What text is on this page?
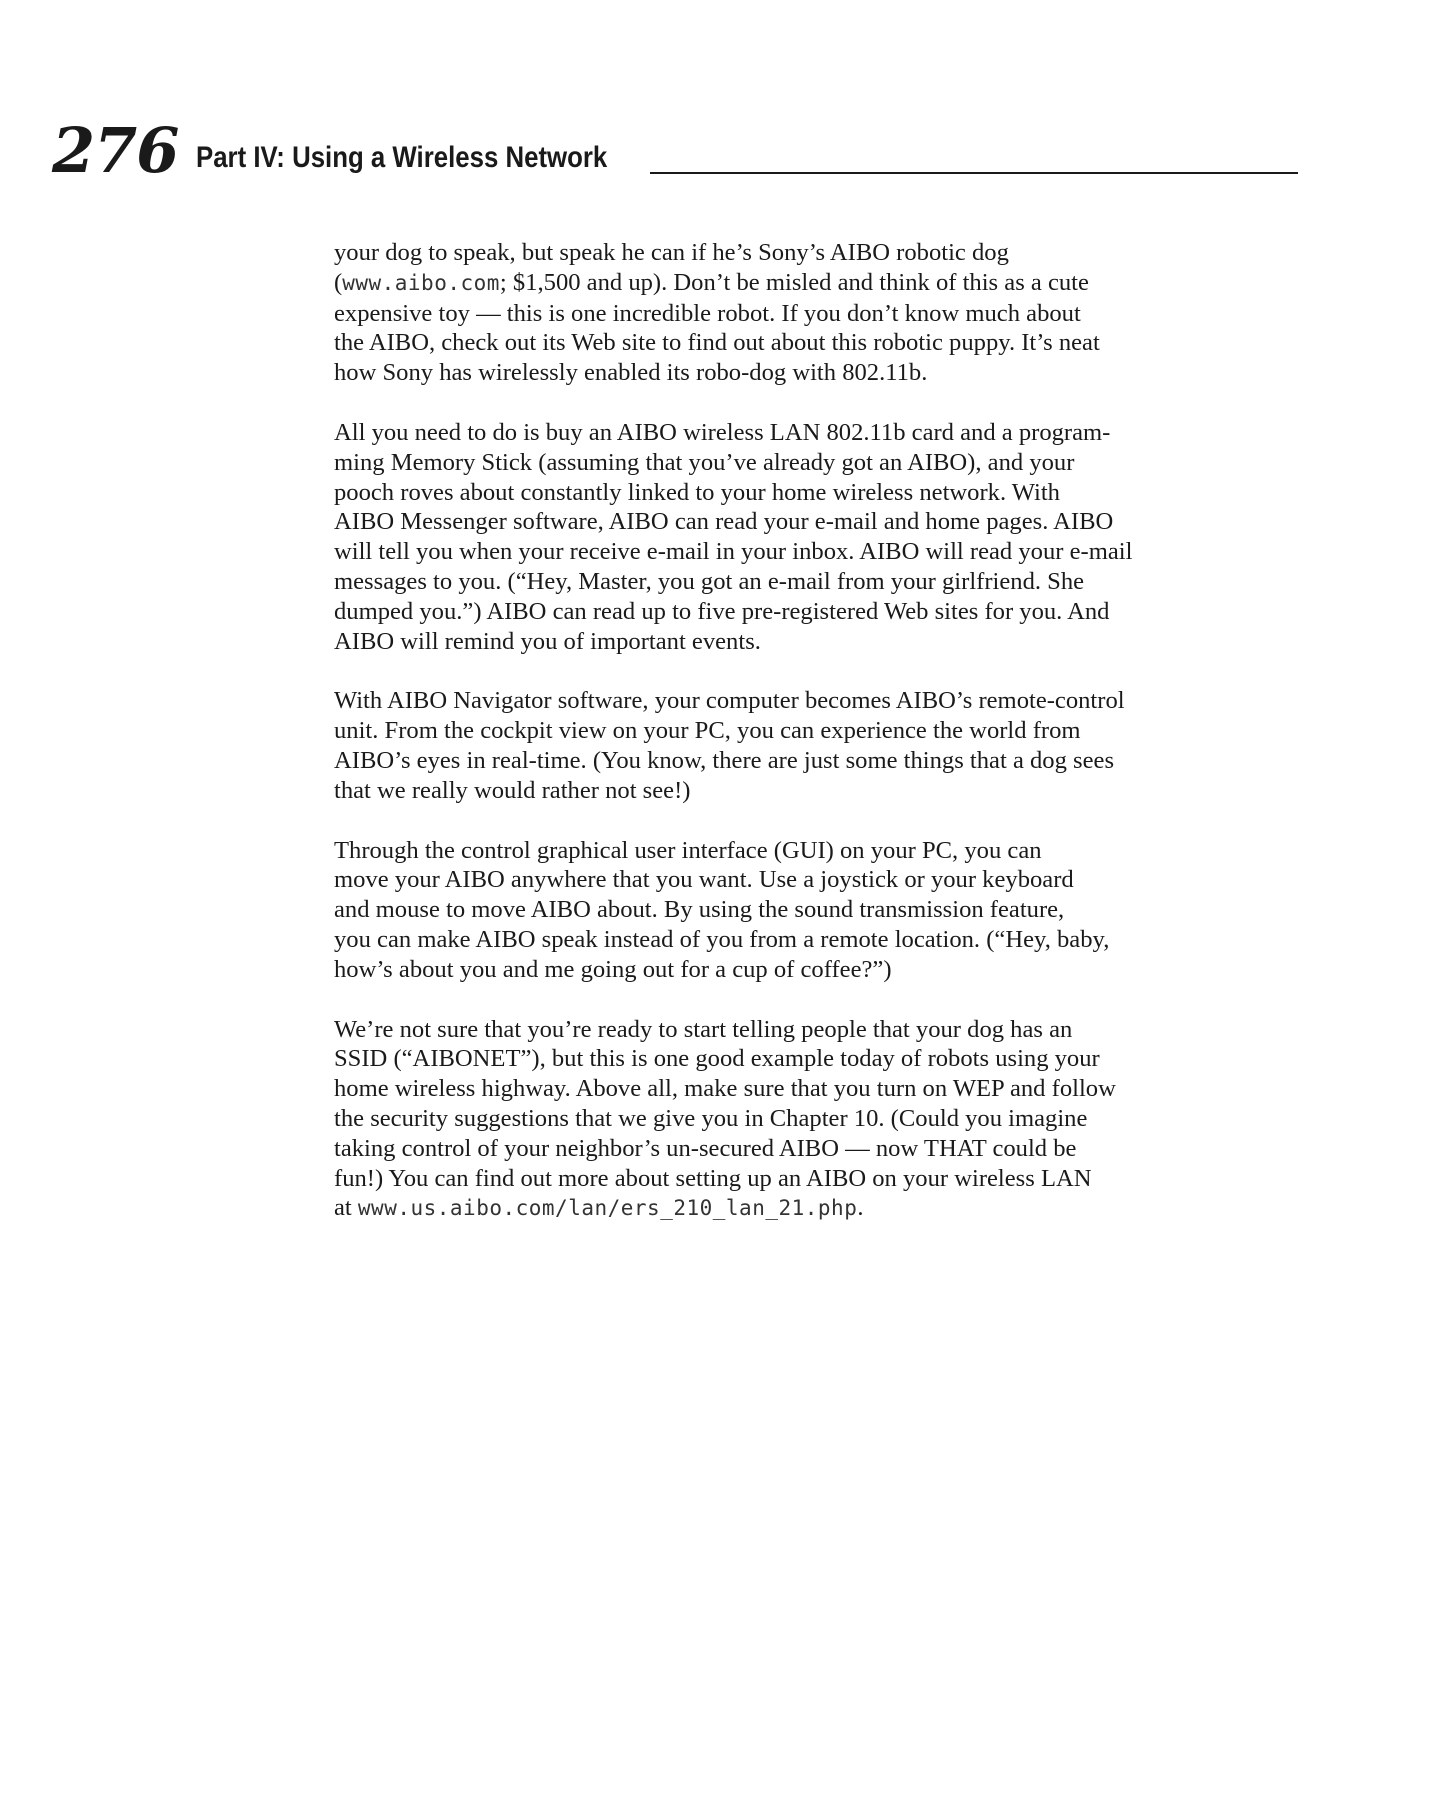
276 Part IV: Using a Wireless Network

your dog to speak, but speak he can if he’s Sony’s AIBO robotic dog
(www.aibo.com; $1,500 and up). Don’t be misled and think of this as a cute
expensive toy — this is one incredible robot. If you don’t know much about
the AIBO, check out its Web site to find out about this robotic puppy. It’s neat
how Sony has wirelessly enabled its robo-dog with 802.11b.

All you need to do is buy an AIBO wireless LAN 802.11b card and a program-
ming Memory Stick (assuming that you’ve already got an AIBO), and your
pooch roves about constantly linked to your home wireless network. With
AIBO Messenger software, AIBO can read your e-mail and home pages. AIBO
will tell you when your receive e-mail in your inbox. AIBO will read your e-mail
messages to you. (“Hey, Master, you got an e-mail from your girlfriend. She
dumped you.”) AIBO can read up to five pre-registered Web sites for you. And
AIBO will remind you of important events.

With AIBO Navigator software, your computer becomes AIBO’s remote-control
unit. From the cockpit view on your PC, you can experience the world from
AIBO’s eyes in real-time. (You know, there are just some things that a dog sees
that we really would rather not see!)

Through the control graphical user interface (GUI) on your PC, you can
move your AIBO anywhere that you want. Use a joystick or your keyboard
and mouse to move AIBO about. By using the sound transmission feature,
you can make AIBO speak instead of you from a remote location. (“Hey, baby,
how’s about you and me going out for a cup of coffee?”)

We’re not sure that you’re ready to start telling people that your dog has an
SSID (“AIBONET”), but this is one good example today of robots using your
home wireless highway. Above all, make sure that you turn on WEP and follow
the security suggestions that we give you in Chapter 10. (Could you imagine
taking control of your neighbor’s un-secured AIBO — now THAT could be
fun!) You can find out more about setting up an AIBO on your wireless LAN
at www.us.aibo.com/lan/ers_210_lan_21.php.
